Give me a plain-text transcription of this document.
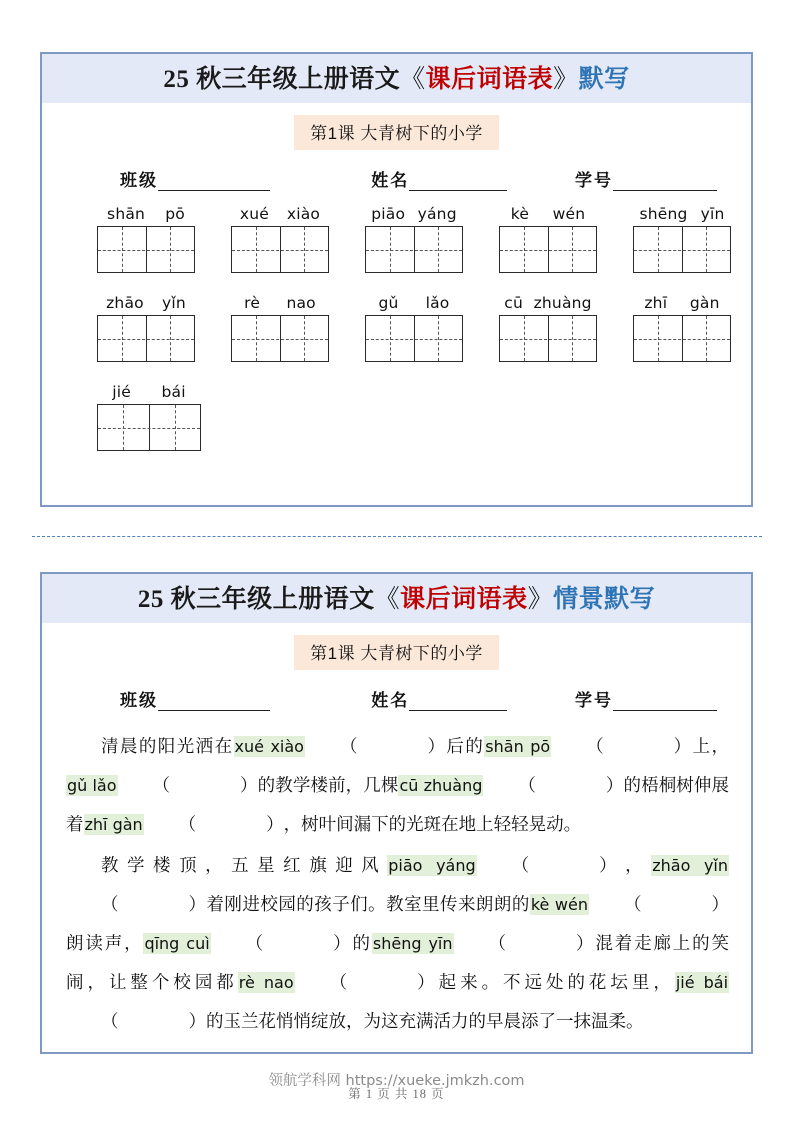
25 秋三年级上册语文《课后词语表》默写
第1课 大青树下的小学
班级	姓名	学号
shān pō	xué xiào	piāo yáng	kè wén	shēng yīn
zhāo yǐn	rè nao	gǔ lǎo	cū zhuàng	zhī gàn
jié bái
25 秋三年级上册语文《课后词语表》情景默写
第1课 大青树下的小学
班级	姓名	学号

清晨的阳光洒在xué xiào （　　　　）后的shān pō （　　　　）上，gǔ lǎo （　　　　）的教学楼前，几棵cū zhuàng （　　　　）的梧桐树伸展着zhī gàn （　　　　），树叶间漏下的光斑在地上轻轻晃动。

教学楼顶，五星红旗迎风piāo yáng （　　　　），zhāo yǐn（　　　　）着刚进校园的孩子们。教室里传来朗朗的kè wén （　　　　）朗读声，qīng cuì （　　　　）的shēng yīn （　　　　）混着走廊上的笑闹，让整个校园都rè nao （　　　　）起来。不远处的花坛里，jié bái（　　　　）的玉兰花悄悄绽放，为这充满活力的早晨添了一抹温柔。

领航学科网 https://xueke.jmkzh.com
第 1 页 共 18 页
